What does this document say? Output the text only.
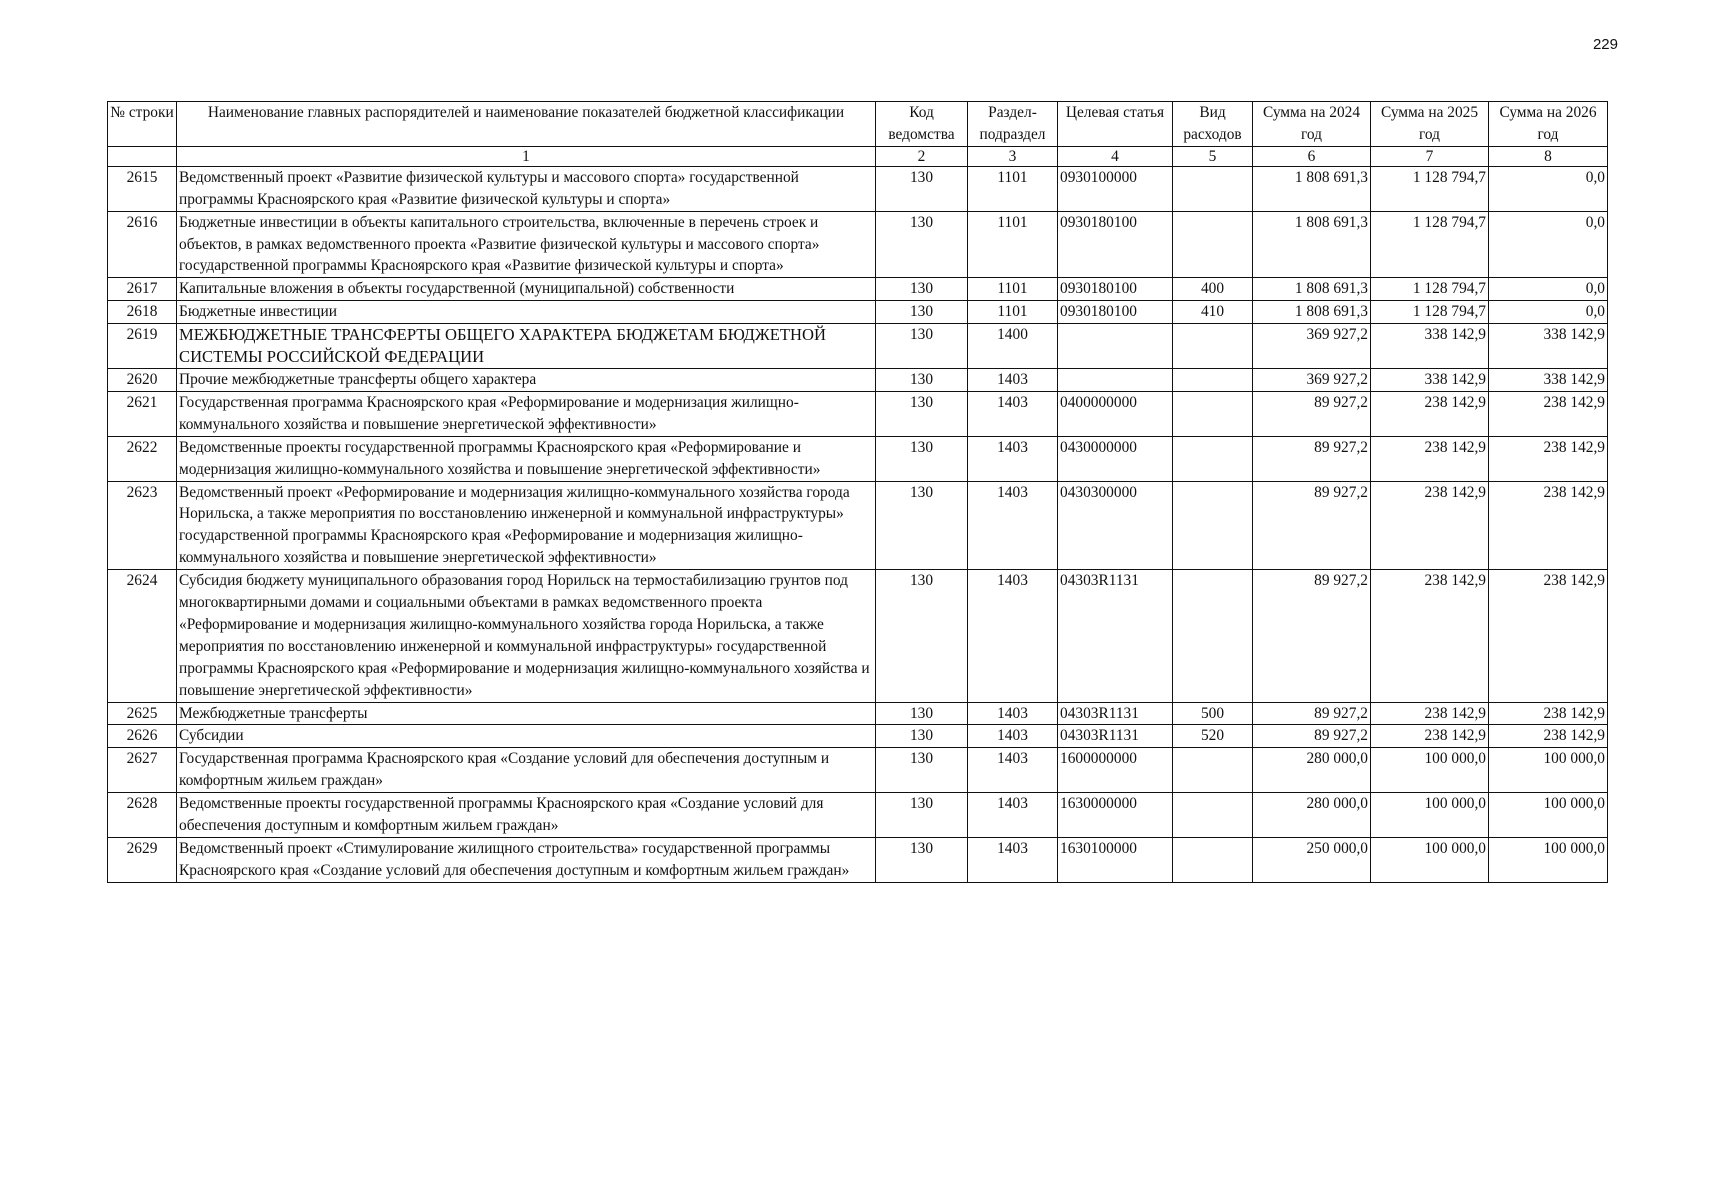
229
№ строки	Наименование главных распорядителей и наименование показателей бюджетной классификации	Код ведомства	Раздел-подраздел	Целевая статья	Вид расходов	Сумма на 2024 год	Сумма на 2025 год	Сумма на 2026 год
	1	2	3	4	5	6	7	8
2615	Ведомственный проект «Развитие физической культуры и массового спорта» государственной программы Красноярского края «Развитие физической культуры и спорта»	130	1101	0930100000		1 808 691,3	1 128 794,7	0,0
2616	Бюджетные инвестиции в объекты капитального строительства, включенные в перечень строек и объектов, в рамках ведомственного проекта «Развитие физической культуры и массового спорта» государственной программы Красноярского края «Развитие физической культуры и спорта»	130	1101	0930180100		1 808 691,3	1 128 794,7	0,0
2617	Капитальные вложения в объекты государственной (муниципальной) собственности	130	1101	0930180100	400	1 808 691,3	1 128 794,7	0,0
2618	Бюджетные инвестиции	130	1101	0930180100	410	1 808 691,3	1 128 794,7	0,0
2619	МЕЖБЮДЖЕТНЫЕ ТРАНСФЕРТЫ ОБЩЕГО ХАРАКТЕРА БЮДЖЕТАМ БЮДЖЕТНОЙ СИСТЕМЫ РОССИЙСКОЙ ФЕДЕРАЦИИ	130	1400			369 927,2	338 142,9	338 142,9
2620	Прочие межбюджетные трансферты общего характера	130	1403			369 927,2	338 142,9	338 142,9
2621	Государственная программа Красноярского края «Реформирование и модернизация жилищно-коммунального хозяйства и повышение энергетической эффективности»	130	1403	0400000000		89 927,2	238 142,9	238 142,9
2622	Ведомственные проекты государственной программы Красноярского края «Реформирование и модернизация жилищно-коммунального хозяйства и повышение энергетической эффективности»	130	1403	0430000000		89 927,2	238 142,9	238 142,9
2623	Ведомственный проект «Реформирование и модернизация жилищно-коммунального хозяйства города Норильска, а также мероприятия по восстановлению инженерной и коммунальной инфраструктуры» государственной программы Красноярского края «Реформирование и модернизация жилищно-коммунального хозяйства и повышение энергетической эффективности»	130	1403	0430300000		89 927,2	238 142,9	238 142,9
2624	Субсидия бюджету муниципального образования город Норильск на термостабилизацию грунтов под многоквартирными домами и социальными объектами в рамках ведомственного проекта «Реформирование и модернизация жилищно-коммунального хозяйства города Норильска, а также мероприятия по восстановлению инженерной и коммунальной инфраструктуры» государственной программы Красноярского края «Реформирование и модернизация жилищно-коммунального хозяйства и повышение энергетической эффективности»	130	1403	04303R1131		89 927,2	238 142,9	238 142,9
2625	Межбюджетные трансферты	130	1403	04303R1131	500	89 927,2	238 142,9	238 142,9
2626	Субсидии	130	1403	04303R1131	520	89 927,2	238 142,9	238 142,9
2627	Государственная программа Красноярского края «Создание условий для обеспечения доступным и комфортным жильем граждан»	130	1403	1600000000		280 000,0	100 000,0	100 000,0
2628	Ведомственные проекты государственной программы Красноярского края «Создание условий для обеспечения доступным и комфортным жильем граждан»	130	1403	1630000000		280 000,0	100 000,0	100 000,0
2629	Ведомственный проект «Стимулирование жилищного строительства» государственной программы Красноярского края «Создание условий для обеспечения доступным и комфортным жильем граждан»	130	1403	1630100000		250 000,0	100 000,0	100 000,0
